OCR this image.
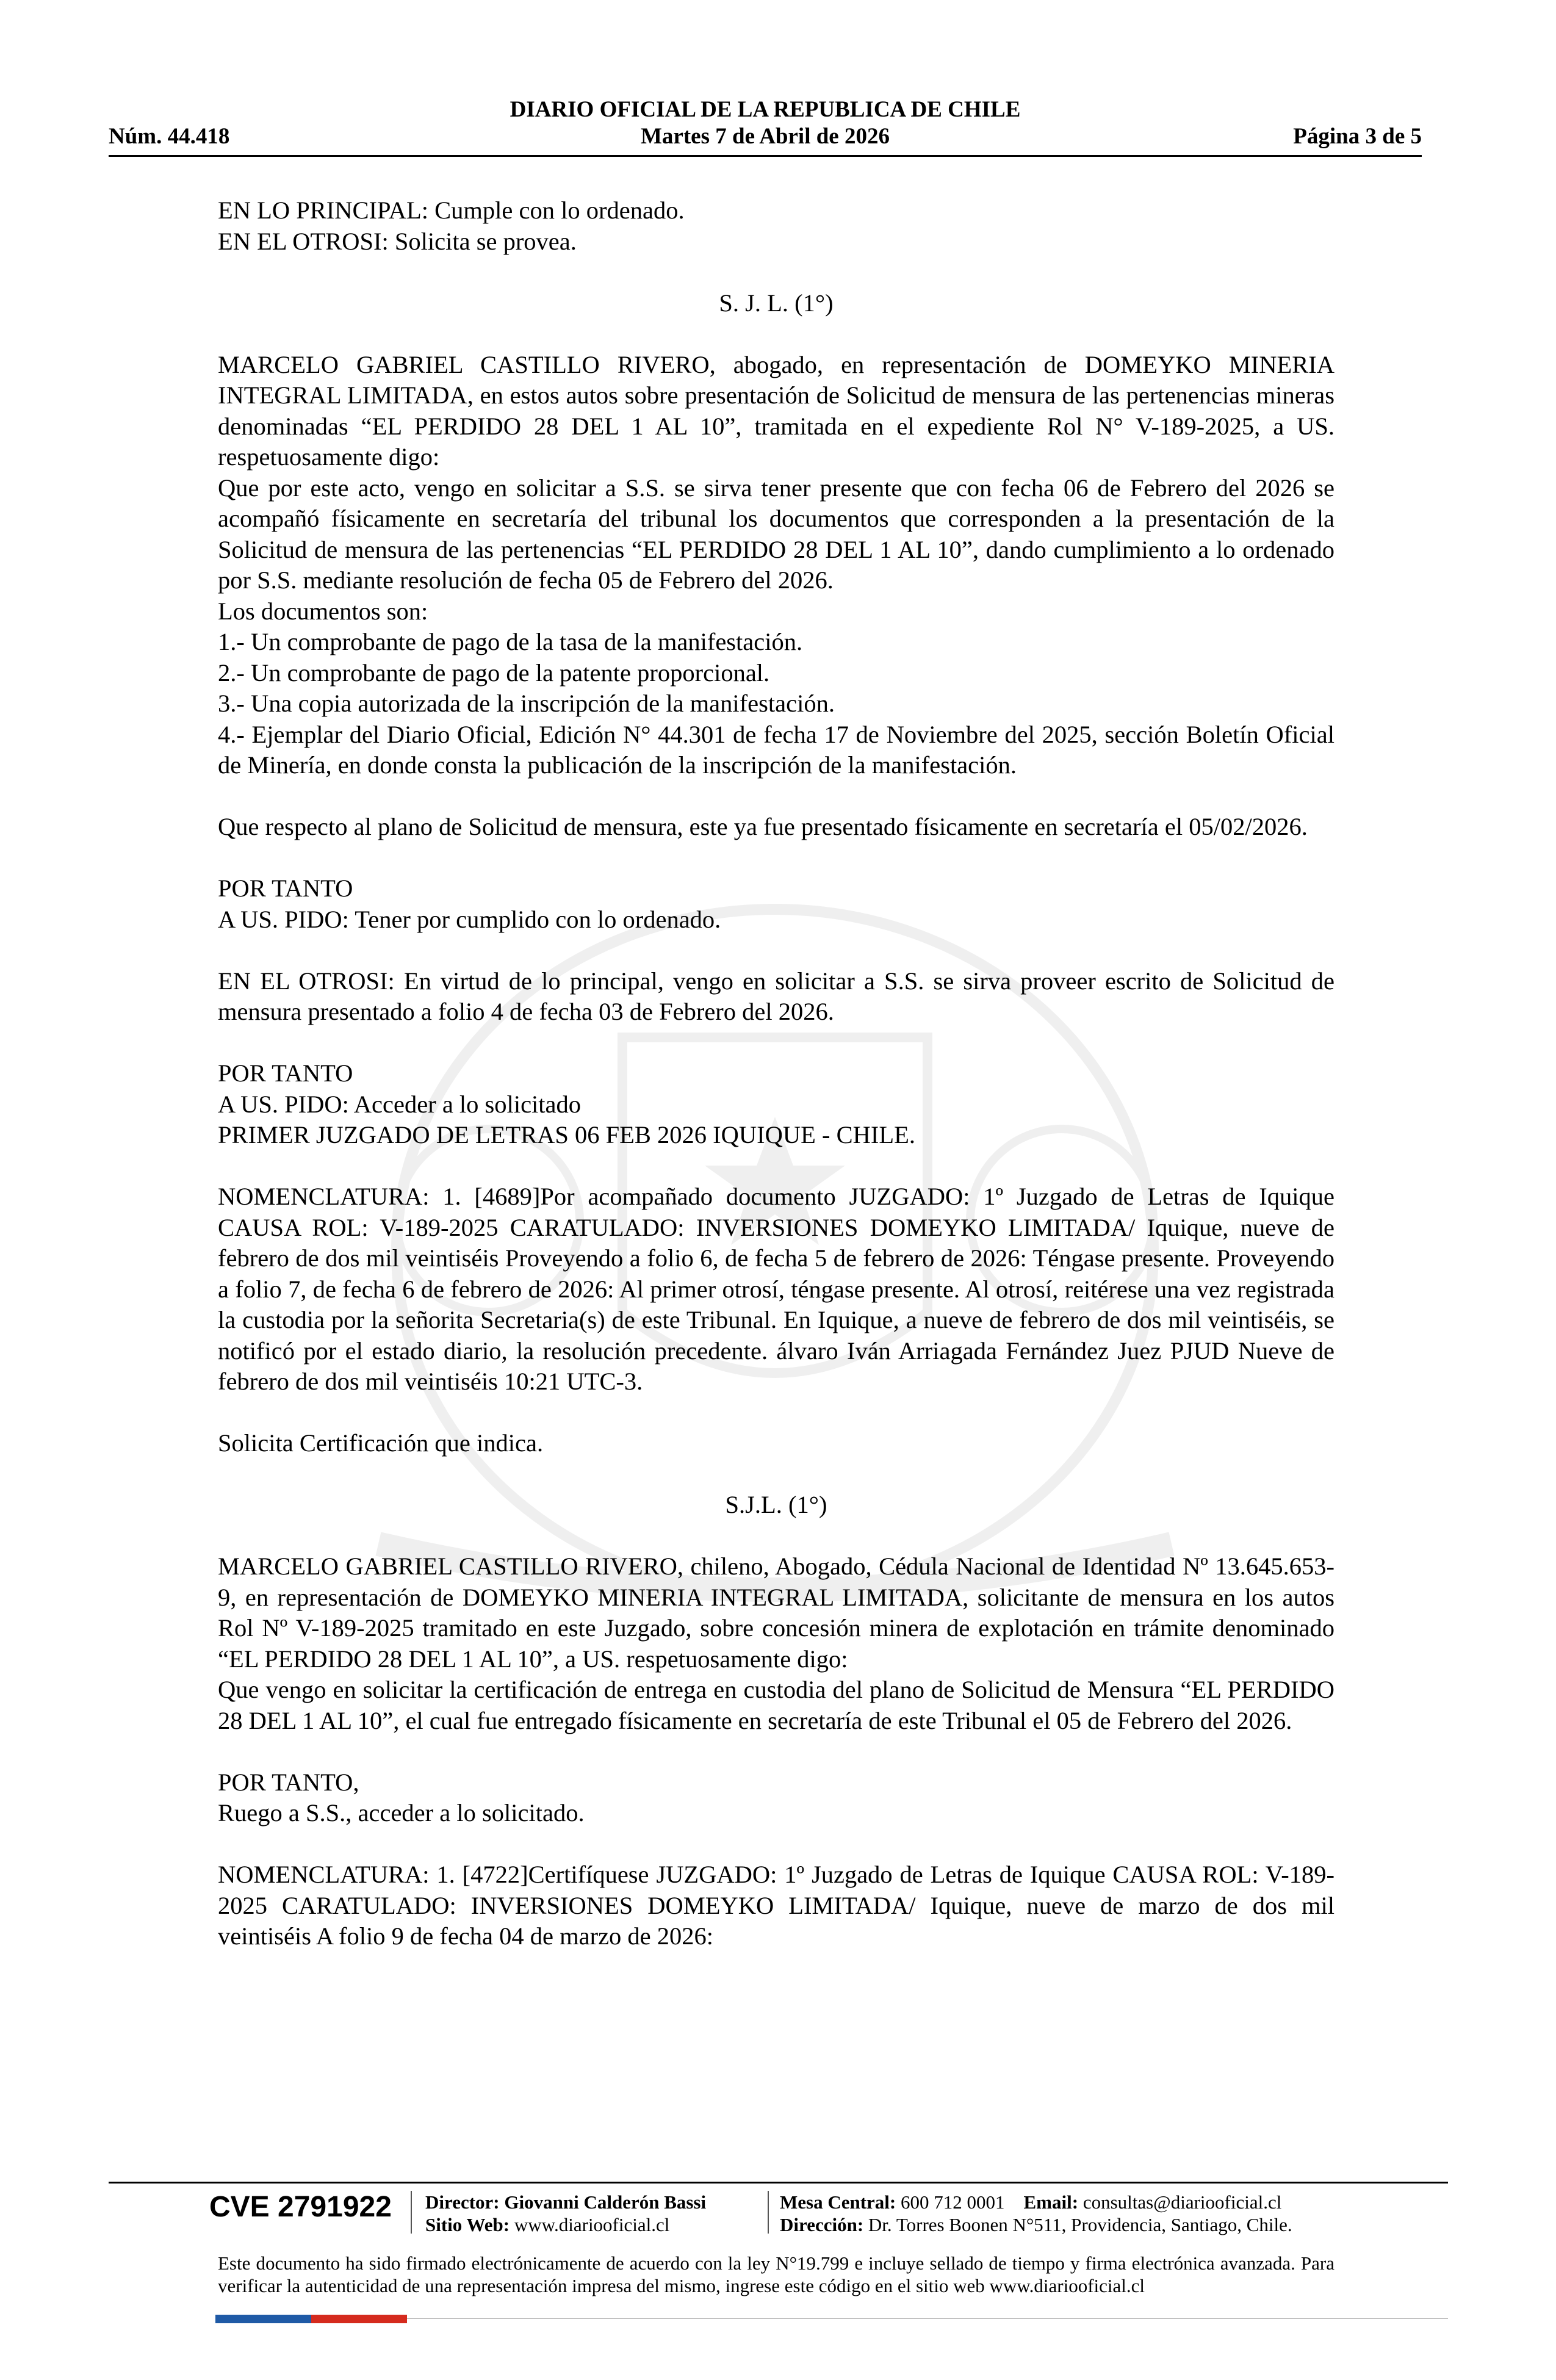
DIARIO OFICIAL DE LA REPUBLICA DE CHILE
Núm. 44.418	Martes 7 de Abril de 2026	Página 3 de 5

EN LO PRINCIPAL: Cumple con lo ordenado.

EN EL OTROSI: Solicita se provea.

S. J. L. (1°)

MARCELO GABRIEL CASTILLO RIVERO, abogado, en representación de DOMEYKO MINERIA INTEGRAL LIMITADA, en estos autos sobre presentación de Solicitud de mensura de las pertenencias mineras denominadas “EL PERDIDO 28 DEL 1 AL 10”, tramitada en el expediente Rol N° V-189-2025, a US. respetuosamente digo:

Que por este acto, vengo en solicitar a S.S. se sirva tener presente que con fecha 06 de Febrero del 2026 se acompañó físicamente en secretaría del tribunal los documentos que corresponden a la presentación de la Solicitud de mensura de las pertenencias “EL PERDIDO 28 DEL 1 AL 10”, dando cumplimiento a lo ordenado por S.S. mediante resolución de fecha 05 de Febrero del 2026.

Los documentos son:

1.- Un comprobante de pago de la tasa de la manifestación.

2.- Un comprobante de pago de la patente proporcional.

3.- Una copia autorizada de la inscripción de la manifestación.

4.- Ejemplar del Diario Oficial, Edición N° 44.301 de fecha 17 de Noviembre del 2025, sección Boletín Oficial de Minería, en donde consta la publicación de la inscripción de la manifestación.

Que respecto al plano de Solicitud de mensura, este ya fue presentado físicamente en secretaría el 05/02/2026.

POR TANTO

A US. PIDO: Tener por cumplido con lo ordenado.

EN EL OTROSI: En virtud de lo principal, vengo en solicitar a S.S. se sirva proveer escrito de Solicitud de mensura presentado a folio 4 de fecha 03 de Febrero del 2026.

POR TANTO

A US. PIDO: Acceder a lo solicitado

PRIMER JUZGADO DE LETRAS 06 FEB 2026 IQUIQUE - CHILE.

NOMENCLATURA: 1. [4689]Por acompañado documento JUZGADO: 1º Juzgado de Letras de Iquique CAUSA ROL: V-189-2025 CARATULADO: INVERSIONES DOMEYKO LIMITADA/ Iquique, nueve de febrero de dos mil veintiséis Proveyendo a folio 6, de fecha 5 de febrero de 2026: Téngase presente. Proveyendo a folio 7, de fecha 6 de febrero de 2026: Al primer otrosí, téngase presente. Al otrosí, reitérese una vez registrada la custodia por la señorita Secretaria(s) de este Tribunal. En Iquique, a nueve de febrero de dos mil veintiséis, se notificó por el estado diario, la resolución precedente. álvaro Iván Arriagada Fernández Juez PJUD Nueve de febrero de dos mil veintiséis 10:21 UTC-3.

Solicita Certificación que indica.

S.J.L. (1°)

MARCELO GABRIEL CASTILLO RIVERO, chileno, Abogado, Cédula Nacional de Identidad Nº 13.645.653-9, en representación de DOMEYKO MINERIA INTEGRAL LIMITADA, solicitante de mensura en los autos Rol Nº V-189-2025 tramitado en este Juzgado, sobre concesión minera de explotación en trámite denominado “EL PERDIDO 28 DEL 1 AL 10”, a US. respetuosamente digo:

Que vengo en solicitar la certificación de entrega en custodia del plano de Solicitud de Mensura “EL PERDIDO 28 DEL 1 AL 10”, el cual fue entregado físicamente en secretaría de este Tribunal el 05 de Febrero del 2026.

POR TANTO,

Ruego a S.S., acceder a lo solicitado.

NOMENCLATURA: 1. [4722]Certifíquese JUZGADO: 1º Juzgado de Letras de Iquique CAUSA ROL: V-189-2025 CARATULADO: INVERSIONES DOMEYKO LIMITADA/ Iquique, nueve de marzo de dos mil veintiséis A folio 9 de fecha 04 de marzo de 2026:

CVE 2791922 Director: Giovanni Calderón Bassi
Sitio Web: www.diariooficial.cl
Mesa Central: 600 712 0001 Email: consultas@diariooficial.cl
Dirección: Dr. Torres Boonen N°511, Providencia, Santiago, Chile.
Este documento ha sido firmado electrónicamente de acuerdo con la ley N°19.799 e incluye sellado de tiempo y firma electrónica avanzada. Para verificar la autenticidad de una representación impresa del mismo, ingrese este código en el sitio web www.diariooficial.cl
